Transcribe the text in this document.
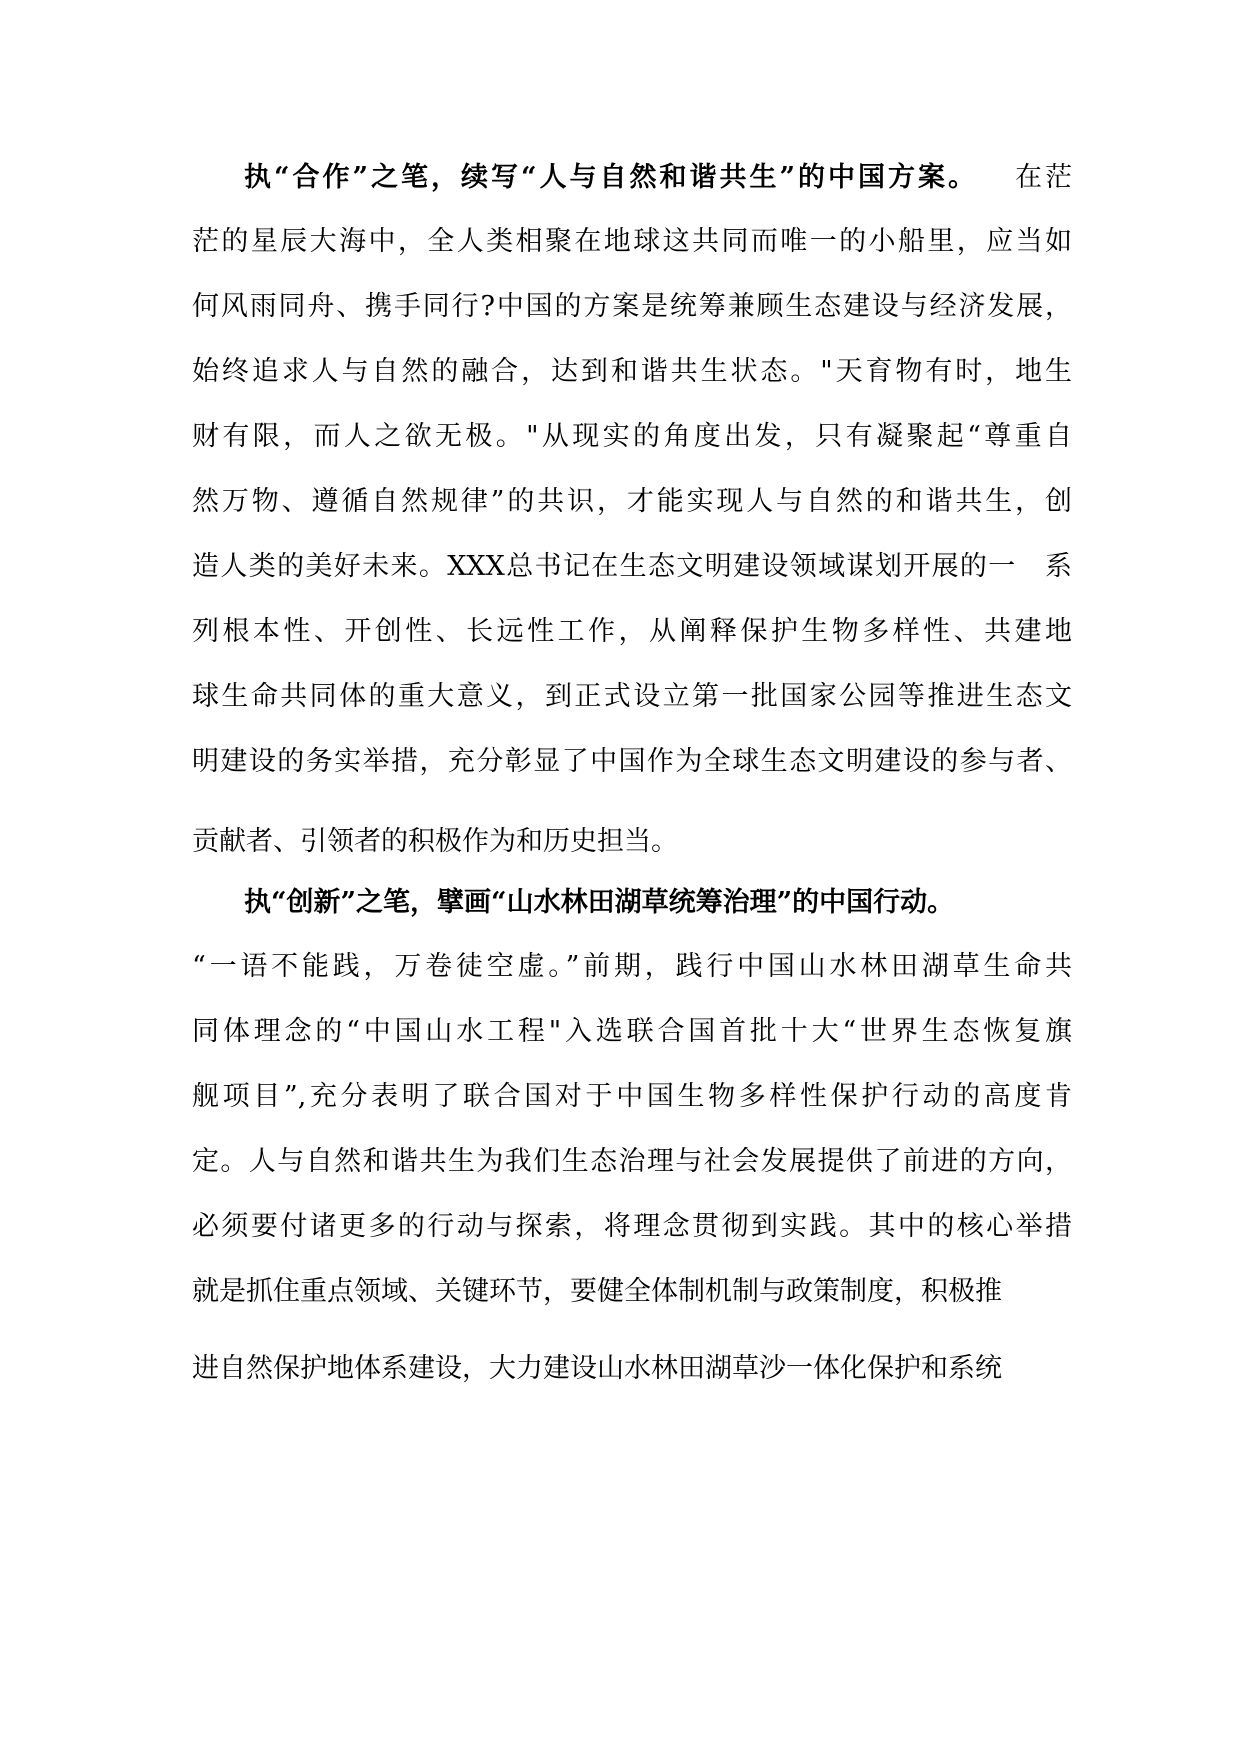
执“合作”之笔，续写“人与自然和谐共生”的中国方案。 在茫

茫的星辰大海中，全人类相聚在地球这共同而唯一的小船里，应当如

何风雨同舟、携手同行?中国的方案是统筹兼顾生态建设与经济发展，

始终追求人与自然的融合，达到和谐共生状态。"天育物有时，地生

财有限，而人之欲无极。"从现实的角度出发，只有凝聚起“尊重自

然万物、遵循自然规律”的共识，才能实现人与自然的和谐共生，创

造人类的美好未来。XXX总书记在生态文明建设领域谋划开展的一　系

列根本性、开创性、长远性工作，从阐释保护生物多样性、共建地

球生命共同体的重大意义，到正式设立第一批国家公园等推进生态文

明建设的务实举措，充分彰显了中国作为全球生态文明建设的参与者、

贡献者、引领者的积极作为和历史担当。

执“创新”之笔，擘画“山水林田湖草统筹治理”的中国行动。

“一语不能践，万卷徒空虚。”前期，践行中国山水林田湖草生命共

同体理念的“中国山水工程"入选联合国首批十大“世界生态恢复旗

舰项目”,充分表明了联合国对于中国生物多样性保护行动的高度肯

定。人与自然和谐共生为我们生态治理与社会发展提供了前进的方向，

必须要付诸更多的行动与探索，将理念贯彻到实践。其中的核心举措

就是抓住重点领域、关键环节，要健全体制机制与政策制度，积极推

进自然保护地体系建设，大力建设山水林田湖草沙一体化保护和系统
